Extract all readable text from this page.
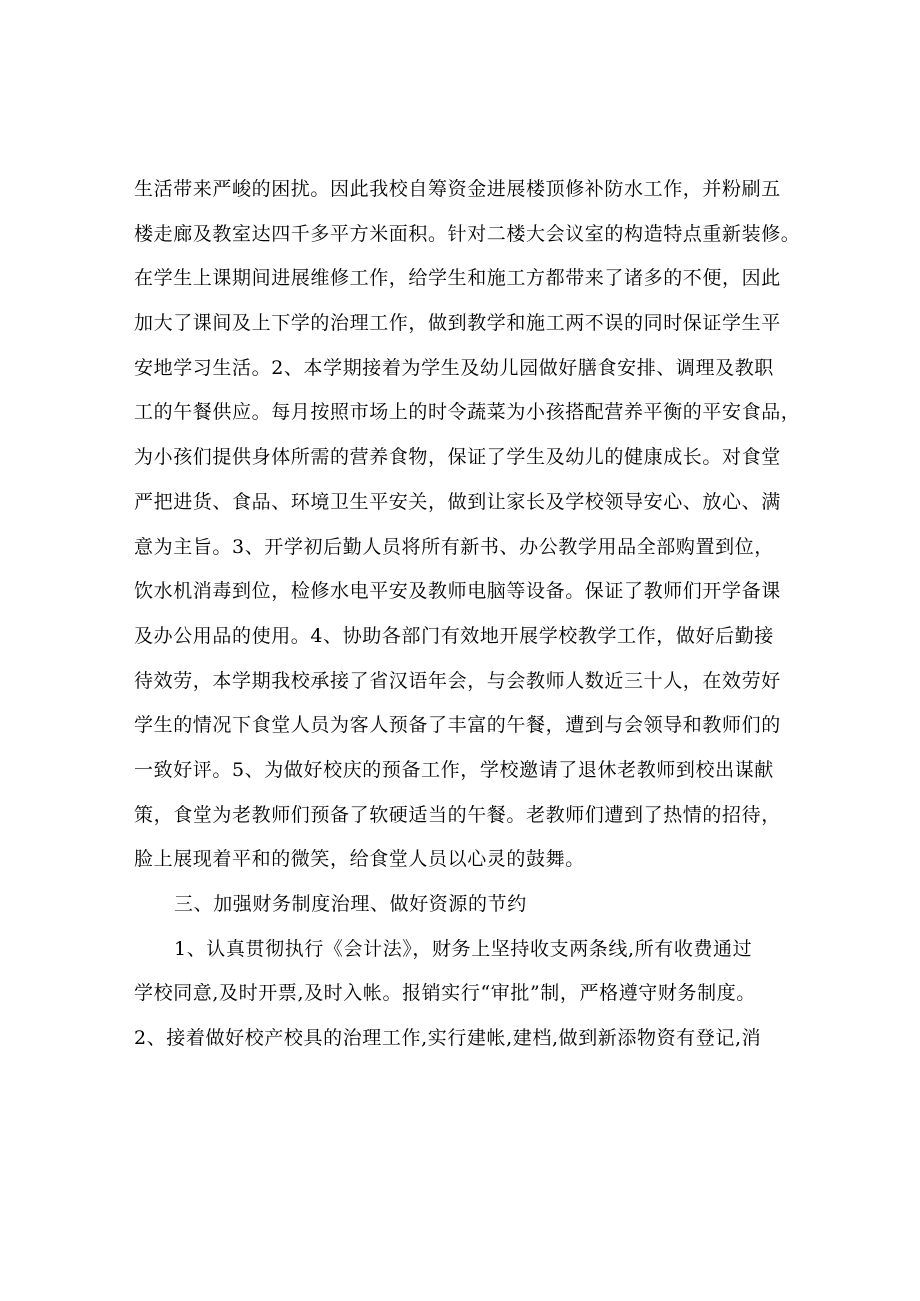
生活带来严峻的困扰。因此我校自筹资金进展楼顶修补防水工作，并粉刷五
楼走廊及教室达四千多平方米面积。针对二楼大会议室的构造特点重新装修。
在学生上课期间进展维修工作，给学生和施工方都带来了诸多的不便，因此
加大了课间及上下学的治理工作，做到教学和施工两不误的同时保证学生平
安地学习生活。2、本学期接着为学生及幼儿园做好膳食安排、调理及教职
工的午餐供应。每月按照市场上的时令蔬菜为小孩搭配营养平衡的平安食品，
为小孩们提供身体所需的营养食物，保证了学生及幼儿的健康成长。对食堂
严把进货、食品、环境卫生平安关，做到让家长及学校领导安心、放心、满
意为主旨。3、开学初后勤人员将所有新书、办公教学用品全部购置到位，
饮水机消毒到位，检修水电平安及教师电脑等设备。保证了教师们开学备课
及办公用品的使用。4、协助各部门有效地开展学校教学工作，做好后勤接
待效劳，本学期我校承接了省汉语年会，与会教师人数近三十人，在效劳好
学生的情况下食堂人员为客人预备了丰富的午餐，遭到与会领导和教师们的
一致好评。5、为做好校庆的预备工作，学校邀请了退休老教师到校出谋献
策，食堂为老教师们预备了软硬适当的午餐。老教师们遭到了热情的招待，
脸上展现着平和的微笑，给食堂人员以心灵的鼓舞。
三、加强财务制度治理、做好资源的节约
1、认真贯彻执行《会计法》，财务上坚持收支两条线,所有收费通过
学校同意,及时开票,及时入帐。报销实行“审批”制，严格遵守财务制度。
2、接着做好校产校具的治理工作,实行建帐,建档,做到新添物资有登记,消
